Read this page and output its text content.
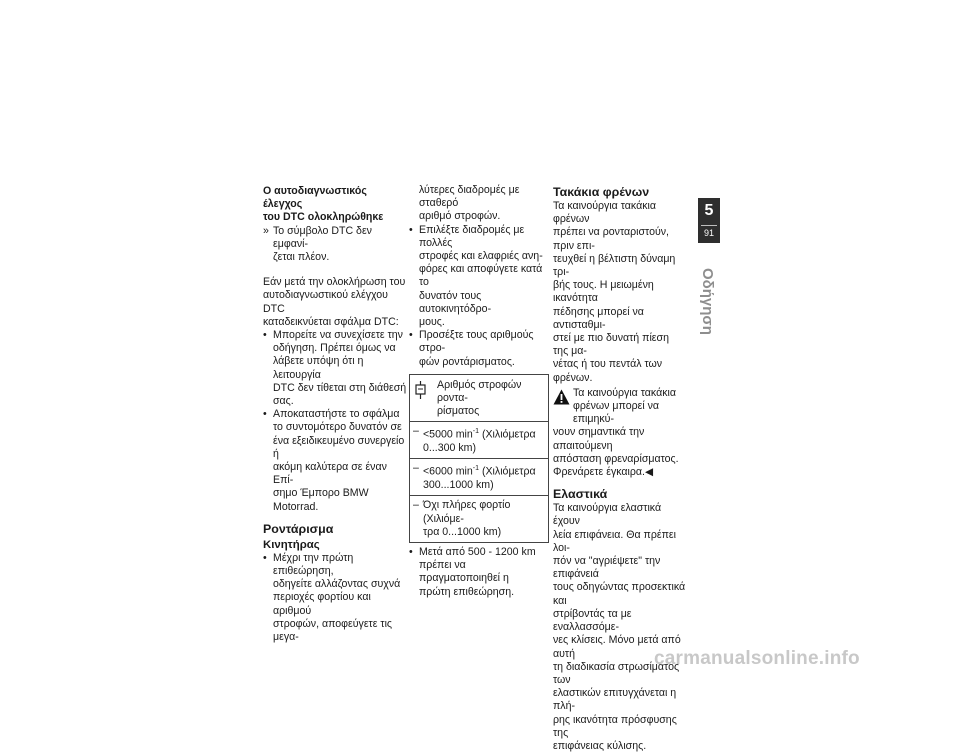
Ο αυτοδιαγνωστικός έλεγχος

του DTC ολοκληρώθηκε

» Το σύμβολο DTC δεν εμφανί-
ζεται πλέον.

Εάν μετά την ολοκλήρωση του

αυτοδιαγνωστικού ελέγχου DTC

καταδεικνύεται σφάλμα DTC:

• Μπορείτε να συνεχίσετε την
οδήγηση. Πρέπει όμως να
λάβετε υπόψη ότι η λειτουργία
DTC δεν τίθεται στη διάθεσή
σας.
• Αποκαταστήστε το σφάλμα
το συντομότερο δυνατόν σε
ένα εξειδικευμένο συνεργείο ή
ακόμη καλύτερα σε έναν Επί-
σημο Έμπορο BMW Motorrad.

Ροντάρισμα

Κινητήρας

• Μέχρι την πρώτη επιθεώρηση,
οδηγείτε αλλάζοντας συχνά
περιοχές φορτίου και αριθμού
στροφών, αποφεύγετε τις μεγα-

λύτερες διαδρομές με σταθερό

αριθμό στροφών.

• Επιλέξτε διαδρομές με πολλές
στροφές και ελαφριές ανη-
φόρες και αποφύγετε κατά το
δυνατόν τους αυτοκινητόδρο-
μους.
• Προσέξτε τους αριθμούς στρο-
φών ροντάρισματος.
Αριθμός στροφών ροντα-
ρίσματος
– <5000 $\min^{-1} (X\iota\lambda\iota ό\mu\varepsilon\tau\rho\alpha$
0...300 km)
– <6000 $\min^{-1} (X\iota\lambda\iota ό\mu\varepsilon\tau\rho\alpha$
300...1000 km)
– Όχι πλήρες φορτίο (Χιλιόμε-
τρα 0...1000 km)
• Μετά από 500 - 1200 km
πρέπει να πραγματοποιηθεί η
πρώτη επιθεώρηση.

Τακάκια φρένων

Τα καινούργια τακάκια φρένων

πρέπει να ρονταριστούν, πριν επι-

τευχθεί η βέλτιστη δύναμη τρι-

βής τους. Η μειωμένη ικανότητα

πέδησης μπορεί να αντισταθμι-

στεί με πιο δυνατή πίεση της μα-

νέτας ή του πεντάλ των φρένων.

Τα καινούργια τακάκια
φρένων μπορεί να επιμηκύ-

νουν σημαντικά την απαιτούμενη

απόσταση φρεναρίσματος.

Φρενάρετε έγκαιρα.◀

Ελαστικά

Τα καινούργια ελαστικά έχουν

λεία επιφάνεια. Θα πρέπει λοι-

πόν να "αγριέψετε" την επιφάνειά

τους οδηγώντας προσεκτικά και

στρίβοντάς τα με εναλλασσόμε-

νες κλίσεις. Μόνο μετά από αυτή

τη διαδικασία στρωσίματος των

ελαστικών επιτυγχάνεται η πλή-

ρης ικανότητα πρόσφυσης της

επιφάνειας κύλισης.

5
91
Οδήγηση
carmanualsonline.info
